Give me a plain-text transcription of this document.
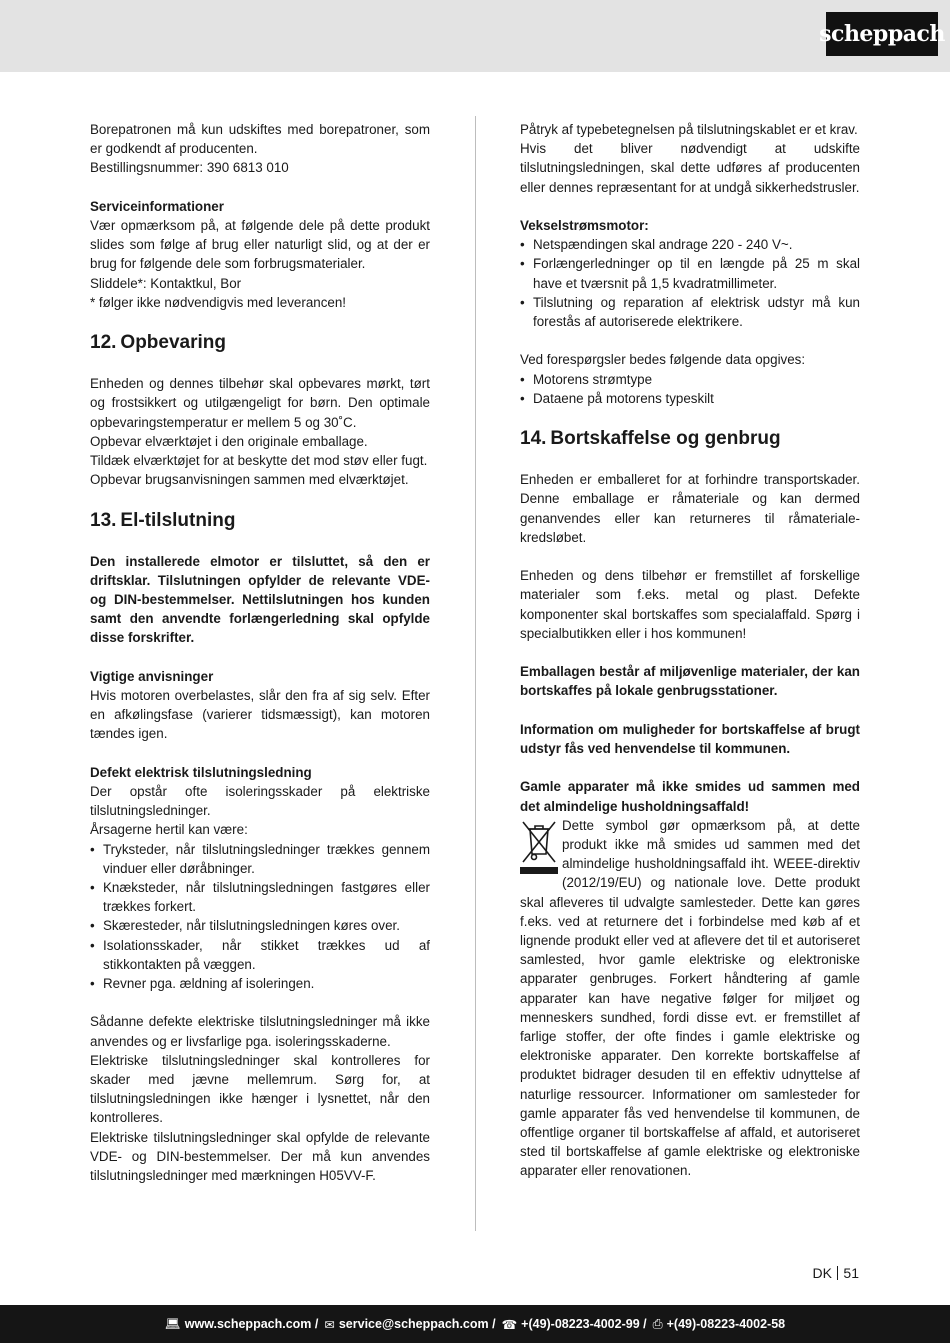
scheppach

Borepatronen må kun udskiftes med borepatroner, som er godkendt af producenten.

Bestillingsnummer: 390 6813 010

Serviceinformationer

Vær opmærksom på, at følgende dele på dette produkt slides som følge af brug eller naturligt slid, og at der er brug for følgende dele som forbrugsmaterialer.

Sliddele*: Kontaktkul, Bor

* følger ikke nødvendigvis med leverancen!

12. Opbevaring

Enheden og dennes tilbehør skal opbevares mørkt, tørt og frostsikkert og utilgængeligt for børn. Den optimale opbevaringstemperatur er mellem 5 og 30˚C.

Opbevar elværktøjet i den originale emballage.

Tildæk elværktøjet for at beskytte det mod støv eller fugt.

Opbevar brugsanvisningen sammen med elværktøjet.

13. El-tilslutning

Den installerede elmotor er tilsluttet, så den er driftsklar. Tilslutningen opfylder de relevante VDE- og DIN-bestemmelser. Nettilslutningen hos kunden samt den anvendte forlængerledning skal opfylde disse forskrifter.

Vigtige anvisninger

Hvis motoren overbelastes, slår den fra af sig selv. Efter en afkølingsfase (varierer tidsmæssigt), kan motoren tændes igen.

Defekt elektrisk tilslutningsledning

Der opstår ofte isoleringsskader på elektriske tilslutningsledninger.

Årsagerne hertil kan være:

• Tryksteder, når tilslutningsledninger trækkes gennem vinduer eller døråbninger.
• Knæksteder, når tilslutningsledningen fastgøres eller trækkes forkert.
• Skæresteder, når tilslutningsledningen køres over.
• Isolationsskader, når stikket trækkes ud af stikkontakten på væggen.
• Revner pga. ældning af isoleringen.

Sådanne defekte elektriske tilslutningsledninger må ikke anvendes og er livsfarlige pga. isoleringsskaderne.

Elektriske tilslutningsledninger skal kontrolleres for skader med jævne mellemrum. Sørg for, at tilslutningsledningen ikke hænger i lysnettet, når den kontrolleres.

Elektriske tilslutningsledninger skal opfylde de relevante VDE- og DIN-bestemmelser. Der må kun anvendes tilslutningsledninger med mærkningen H05VV-F.

Påtryk af typebetegnelsen på tilslutningskablet er et krav.

Hvis det bliver nødvendigt at udskifte tilslutningsledningen, skal dette udføres af producenten eller dennes repræsentant for at undgå sikkerhedstrusler.

Vekselstrømsmotor:
• Netspændingen skal andrage 220 - 240 V~.
• Forlængerledninger op til en længde på 25 m skal have et tværsnit på 1,5 kvadratmillimeter.
• Tilslutning og reparation af elektrisk udstyr må kun forestås af autoriserede elektrikere.

Ved forespørgsler bedes følgende data opgives:

• Motorens strømtype
• Dataene på motorens typeskilt
14. Bortskaffelse og genbrug

Enheden er emballeret for at forhindre transportskader. Denne emballage er råmateriale og kan dermed genanvendes eller kan returneres til råmateriale-kredsløbet.

Enheden og dens tilbehør er fremstillet af forskellige materialer som f.eks. metal og plast. Defekte komponenter skal bortskaffes som specialaffald. Spørg i specialbutikken eller i hos kommunen!

Emballagen består af miljøvenlige materialer, der kan bortskaffes på lokale genbrugsstationer.

Information om muligheder for bortskaffelse af brugt udstyr fås ved henvendelse til kommunen.

Gamle apparater må ikke smides ud sammen med det almindelige husholdningsaffald!

Dette symbol gør opmærksom på, at dette produkt ikke må smides ud sammen med det almindelige husholdningsaffald iht. WEEE-direktiv (2012/19/EU) og nationale love. Dette produkt skal afleveres til udvalgte samlesteder. Dette kan gøres f.eks. ved at returnere det i forbindelse med køb af et lignende produkt eller ved at aflevere det til et autoriseret samlested, hvor gamle elektriske og elektroniske apparater genbruges. Forkert håndtering af gamle apparater kan have negative følger for miljøet og menneskers sundhed, fordi disse evt. er fremstillet af farlige stoffer, der ofte findes i gamle elektriske og elektroniske apparater. Den korrekte bortskaffelse af produktet bidrager desuden til en effektiv udnyttelse af naturlige ressourcer. Informationer om samlesteder for gamle apparater fås ved henvendelse til kommunen, de offentlige organer til bortskaffelse af affald, et autoriseret sted til bortskaffelse af gamle elektriske og elektroniske apparater eller renovationen.

DK 51
💻︎ www.scheppach.com / ✉ service@scheppach.com / ☎ +(49)-08223-4002-99 / ⎙ +(49)-08223-4002-58
